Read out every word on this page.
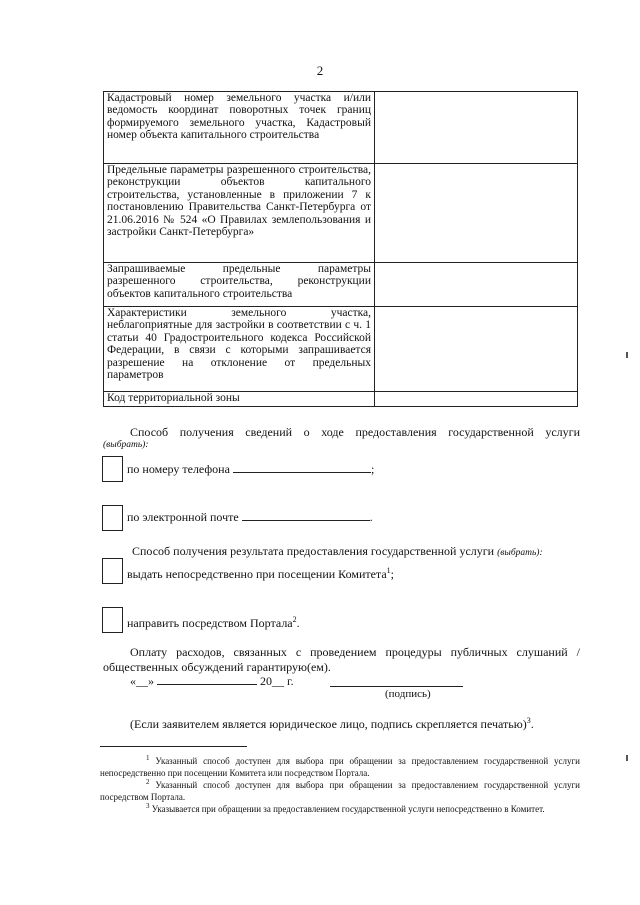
2
Кадастровый номер земельного участка и/или ведомость координат поворотных точек границ формируемого земельного участка, Кадастровый номер объекта капитального строительства	
Предельные параметры разрешенного строительства, реконструкции объектов капитального строительства, установленные в приложении 7 к постановлению Правительства Санкт-Петербурга от 21.06.2016 № 524 «О Правилах землепользования и застройки Санкт-Петербурга»	
Запрашиваемые предельные параметры разрешенного строительства, реконструкции объектов капитального строительства	
Характеристики земельного участка, неблагоприятные для застройки в соответствии с ч. 1 статьи 40 Градостроительного кодекса Российской Федерации, в связи с которыми запрашивается разрешение на отклонение от предельных параметров	
Код территориальной зоны	
Способ получения сведений о ходе предоставления государственной услуги
(выбрать):
по номеру телефона	;
по электронной почте	.
Способ получения результата предоставления государственной услуги (выбрать):
выдать непосредственно при посещении Комитета$^1$;
направить посредством Портала$^2$.
Оплату расходов, связанных с проведением процедуры публичных слушаний /
общественных обсуждений гарантирую(ем).
«__»	20__ г.
(подпись)
(Если заявителем является юридическое лицо, подпись скрепляется печатью)$^3$.
$^1$ Указанный способ доступен для выбора при обращении за предоставлением государственной услуги непосредственно при посещении Комитета или посредством Портала.
$^2$ Указанный способ доступен для выбора при обращении за предоставлением государственной услуги посредством Портала.
$^3$ Указывается при обращении за предоставлением государственной услуги непосредственно в Комитет.
